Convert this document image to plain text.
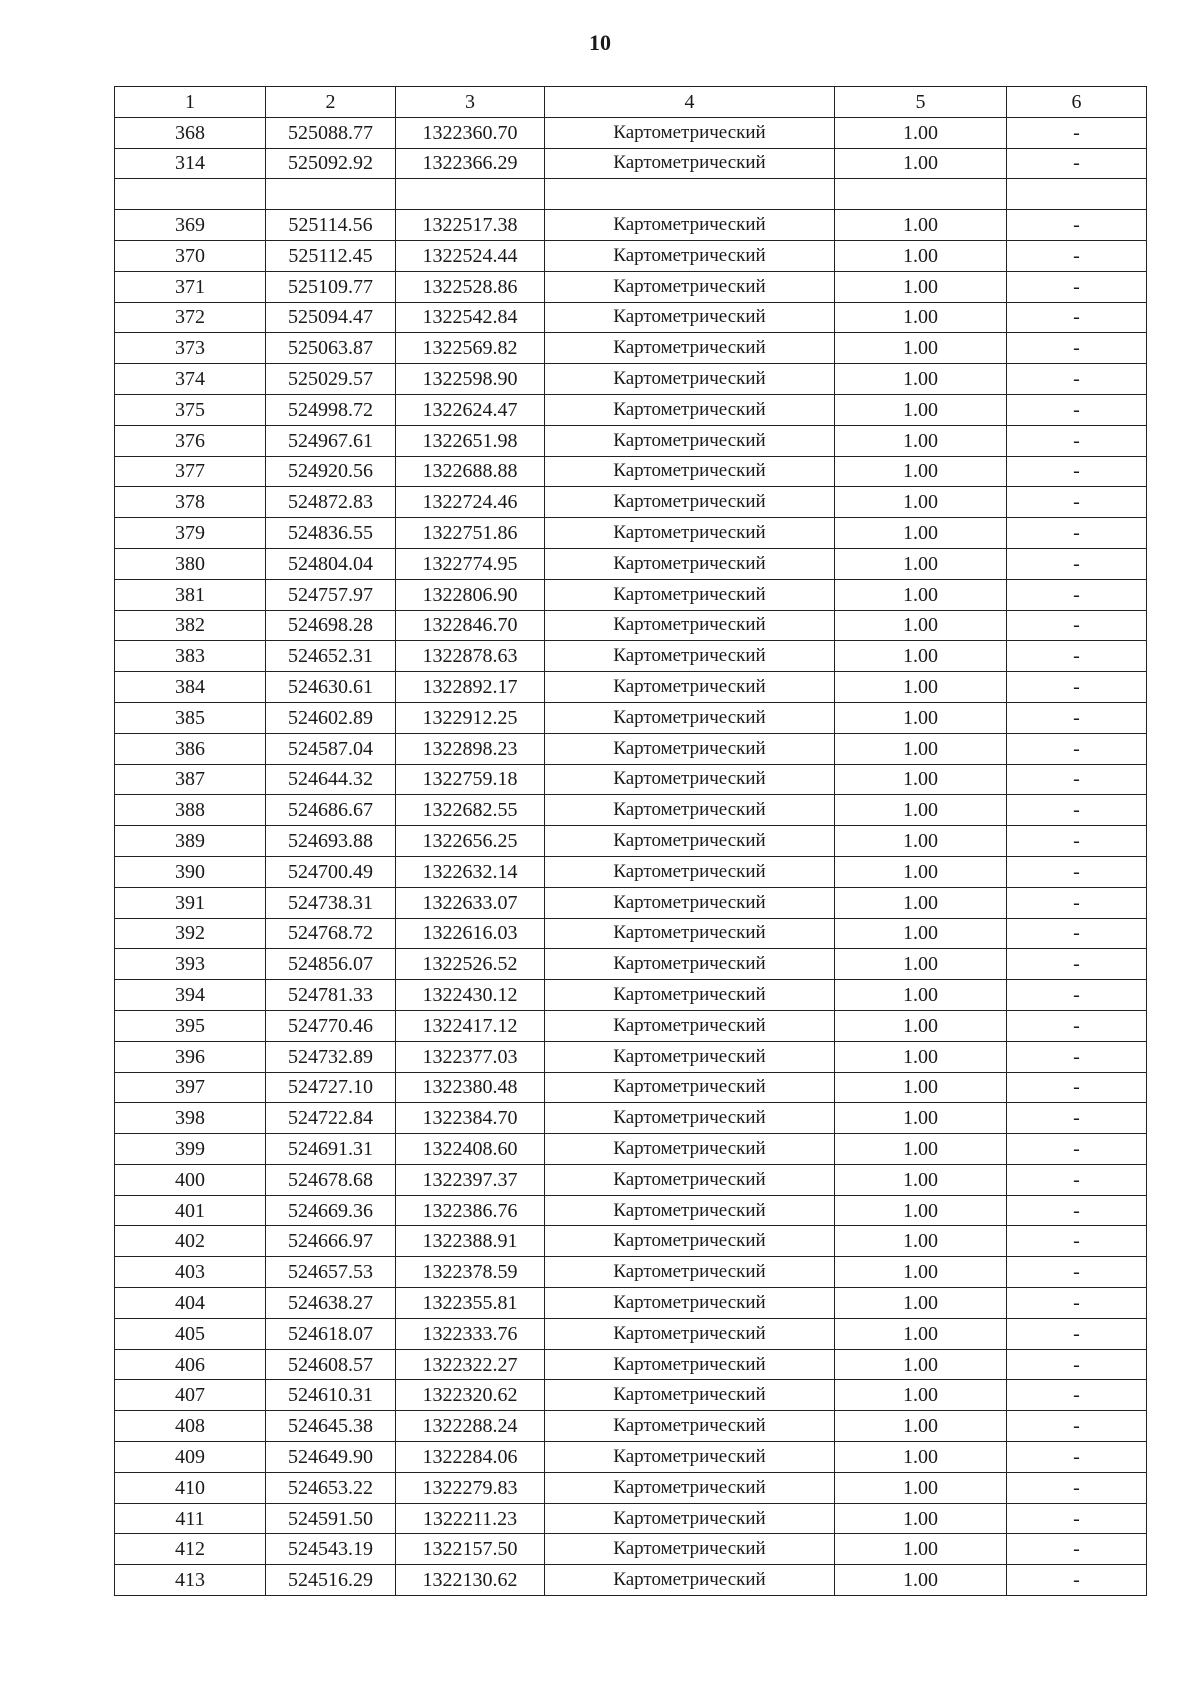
10
1	2	3	4	5	6
368	525088.77	1322360.70	Картометрический	1.00	-
314	525092.92	1322366.29	Картометрический	1.00	-

369	525114.56	1322517.38	Картометрический	1.00	-
370	525112.45	1322524.44	Картометрический	1.00	-
371	525109.77	1322528.86	Картометрический	1.00	-
372	525094.47	1322542.84	Картометрический	1.00	-
373	525063.87	1322569.82	Картометрический	1.00	-
374	525029.57	1322598.90	Картометрический	1.00	-
375	524998.72	1322624.47	Картометрический	1.00	-
376	524967.61	1322651.98	Картометрический	1.00	-
377	524920.56	1322688.88	Картометрический	1.00	-
378	524872.83	1322724.46	Картометрический	1.00	-
379	524836.55	1322751.86	Картометрический	1.00	-
380	524804.04	1322774.95	Картометрический	1.00	-
381	524757.97	1322806.90	Картометрический	1.00	-
382	524698.28	1322846.70	Картометрический	1.00	-
383	524652.31	1322878.63	Картометрический	1.00	-
384	524630.61	1322892.17	Картометрический	1.00	-
385	524602.89	1322912.25	Картометрический	1.00	-
386	524587.04	1322898.23	Картометрический	1.00	-
387	524644.32	1322759.18	Картометрический	1.00	-
388	524686.67	1322682.55	Картометрический	1.00	-
389	524693.88	1322656.25	Картометрический	1.00	-
390	524700.49	1322632.14	Картометрический	1.00	-
391	524738.31	1322633.07	Картометрический	1.00	-
392	524768.72	1322616.03	Картометрический	1.00	-
393	524856.07	1322526.52	Картометрический	1.00	-
394	524781.33	1322430.12	Картометрический	1.00	-
395	524770.46	1322417.12	Картометрический	1.00	-
396	524732.89	1322377.03	Картометрический	1.00	-
397	524727.10	1322380.48	Картометрический	1.00	-
398	524722.84	1322384.70	Картометрический	1.00	-
399	524691.31	1322408.60	Картометрический	1.00	-
400	524678.68	1322397.37	Картометрический	1.00	-
401	524669.36	1322386.76	Картометрический	1.00	-
402	524666.97	1322388.91	Картометрический	1.00	-
403	524657.53	1322378.59	Картометрический	1.00	-
404	524638.27	1322355.81	Картометрический	1.00	-
405	524618.07	1322333.76	Картометрический	1.00	-
406	524608.57	1322322.27	Картометрический	1.00	-
407	524610.31	1322320.62	Картометрический	1.00	-
408	524645.38	1322288.24	Картометрический	1.00	-
409	524649.90	1322284.06	Картометрический	1.00	-
410	524653.22	1322279.83	Картометрический	1.00	-
411	524591.50	1322211.23	Картометрический	1.00	-
412	524543.19	1322157.50	Картометрический	1.00	-
413	524516.29	1322130.62	Картометрический	1.00	-
